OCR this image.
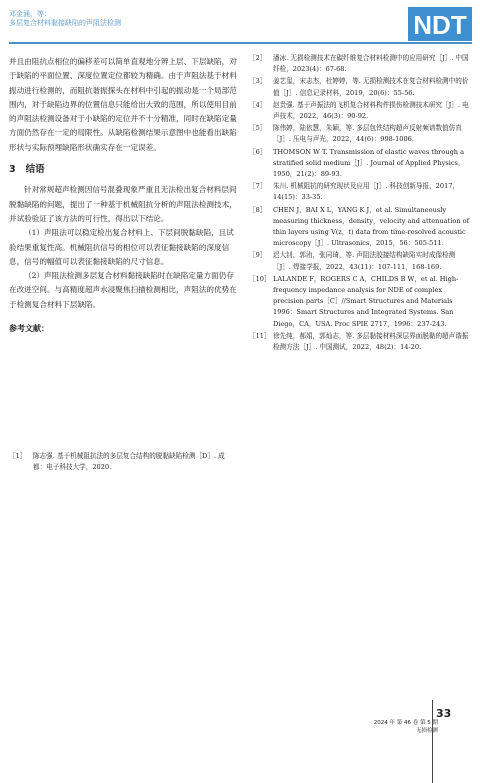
邓金涌，等：
多层复合材料黏接缺陷的声阻法检测	NDT

并且由阻抗点相位的偏移差可以简单直观地分辨上层、下层缺陷，对于缺陷的平面位置、深度位置定位都较为精确。由于声阻法基于材料振动进行检测的，而阻抗谐振探头在材料中引起的振动是一个局部范围内，对于缺陷边界的位置信息只能给出大致的范围，所以使用目前的声阻法检测设备对于小缺陷的定位并不十分精准，同时在缺陷定量方面仍然存在一定的局限性。从缺陷检测结果示意图中也能看出缺陷形状与实际预埋缺陷形状确实存在一定误差。

3 结语

针对常规超声检测因信号混叠现象严重且无法检出复合材料层间脱黏缺陷的问题，提出了一种基于机械阻抗分析的声阻法检测技术，并试验验证了该方法的可行性，得出以下结论。

（1）声阻法可以稳定检出复合材料上、下层间脱黏缺陷，且试验结果重复性高。机械阻抗信号的相位可以表征黏接缺陷的深度信息，信号的幅值可以表征黏接缺陷的尺寸信息。

（2）声阻法检测多层复合材料黏接缺陷时在缺陷定量方面仍存在改进空间。与高精度超声水浸聚焦扫描检测相比，声阻法的优势在于检测复合材料下层缺陷。

参考文献：
［1］ 陈志强. 基于机械阻抗法的多层复合结构的脱黏缺陷检测［D］. 成都：电子科技大学，2020.
［2］ 潘冰. 无损检测技术在碳纤维复合材料检测中的应用研究［J］. 中国纤检，2023(4)：67-68.
［3］ 姜艺玺，宋志杰，杜婷婷，等. 无损检测技术在复合材料检测中的价值［J］. 信息记录材料，2019，20(6)：55-56.
［4］ 赵贵强. 基于声振法的飞机复合材料构件损伤检测技术研究［J］. 电声技术，2022，46(3)：90-92.
［5］ 陈伟婷，陆依慧，朱颖，等. 多层包铁结构超声反射频谱数值仿真［J］. 压电与声光，2022，44(6)：998-1006.
［6］ THOMSON W T. Transmission of elastic waves through a stratified solid medium［J］. Journal of Applied Physics，1950，21(2)：89-93.
［7］ 朱川. 机械阻抗的研究现状及应用［J］. 科技创新导报，2017，14(15)：33-35.
［8］ CHEN J，BAI X L，YANG K J，et al. Simultaneously measuring thickness，density，velocity and attenuation of thin layers using V(z，t) data from time-resolved acoustic microscopy［J］. Ultrasonics，2015，56：505-511.
［9］ 迟大钊，郭洧，张同琦，等. 声阻法胶接结构缺陷实时成像检测［J］. 焊接学报，2022，43(11)：107-111，168-169.
［10］ LALANDE F，ROGERS C A，CHILDS B W，et al. High-frequency impedance analysis for NDE of complex precision parts［C］//Smart Structures and Materials 1996：Smart Structures and Integrated Systems. San Diego，CA，USA. Proc SPIE 2717，1996：237-243.
［11］ 徐先纯，郝娟，郭灿志，等. 多层黏接材料深层界面脱黏的超声谐振检测方法［J］. 中国测试，2022，48(2)：14-20.
33
2024 年 第 46 卷 第 5 期
无损检测
